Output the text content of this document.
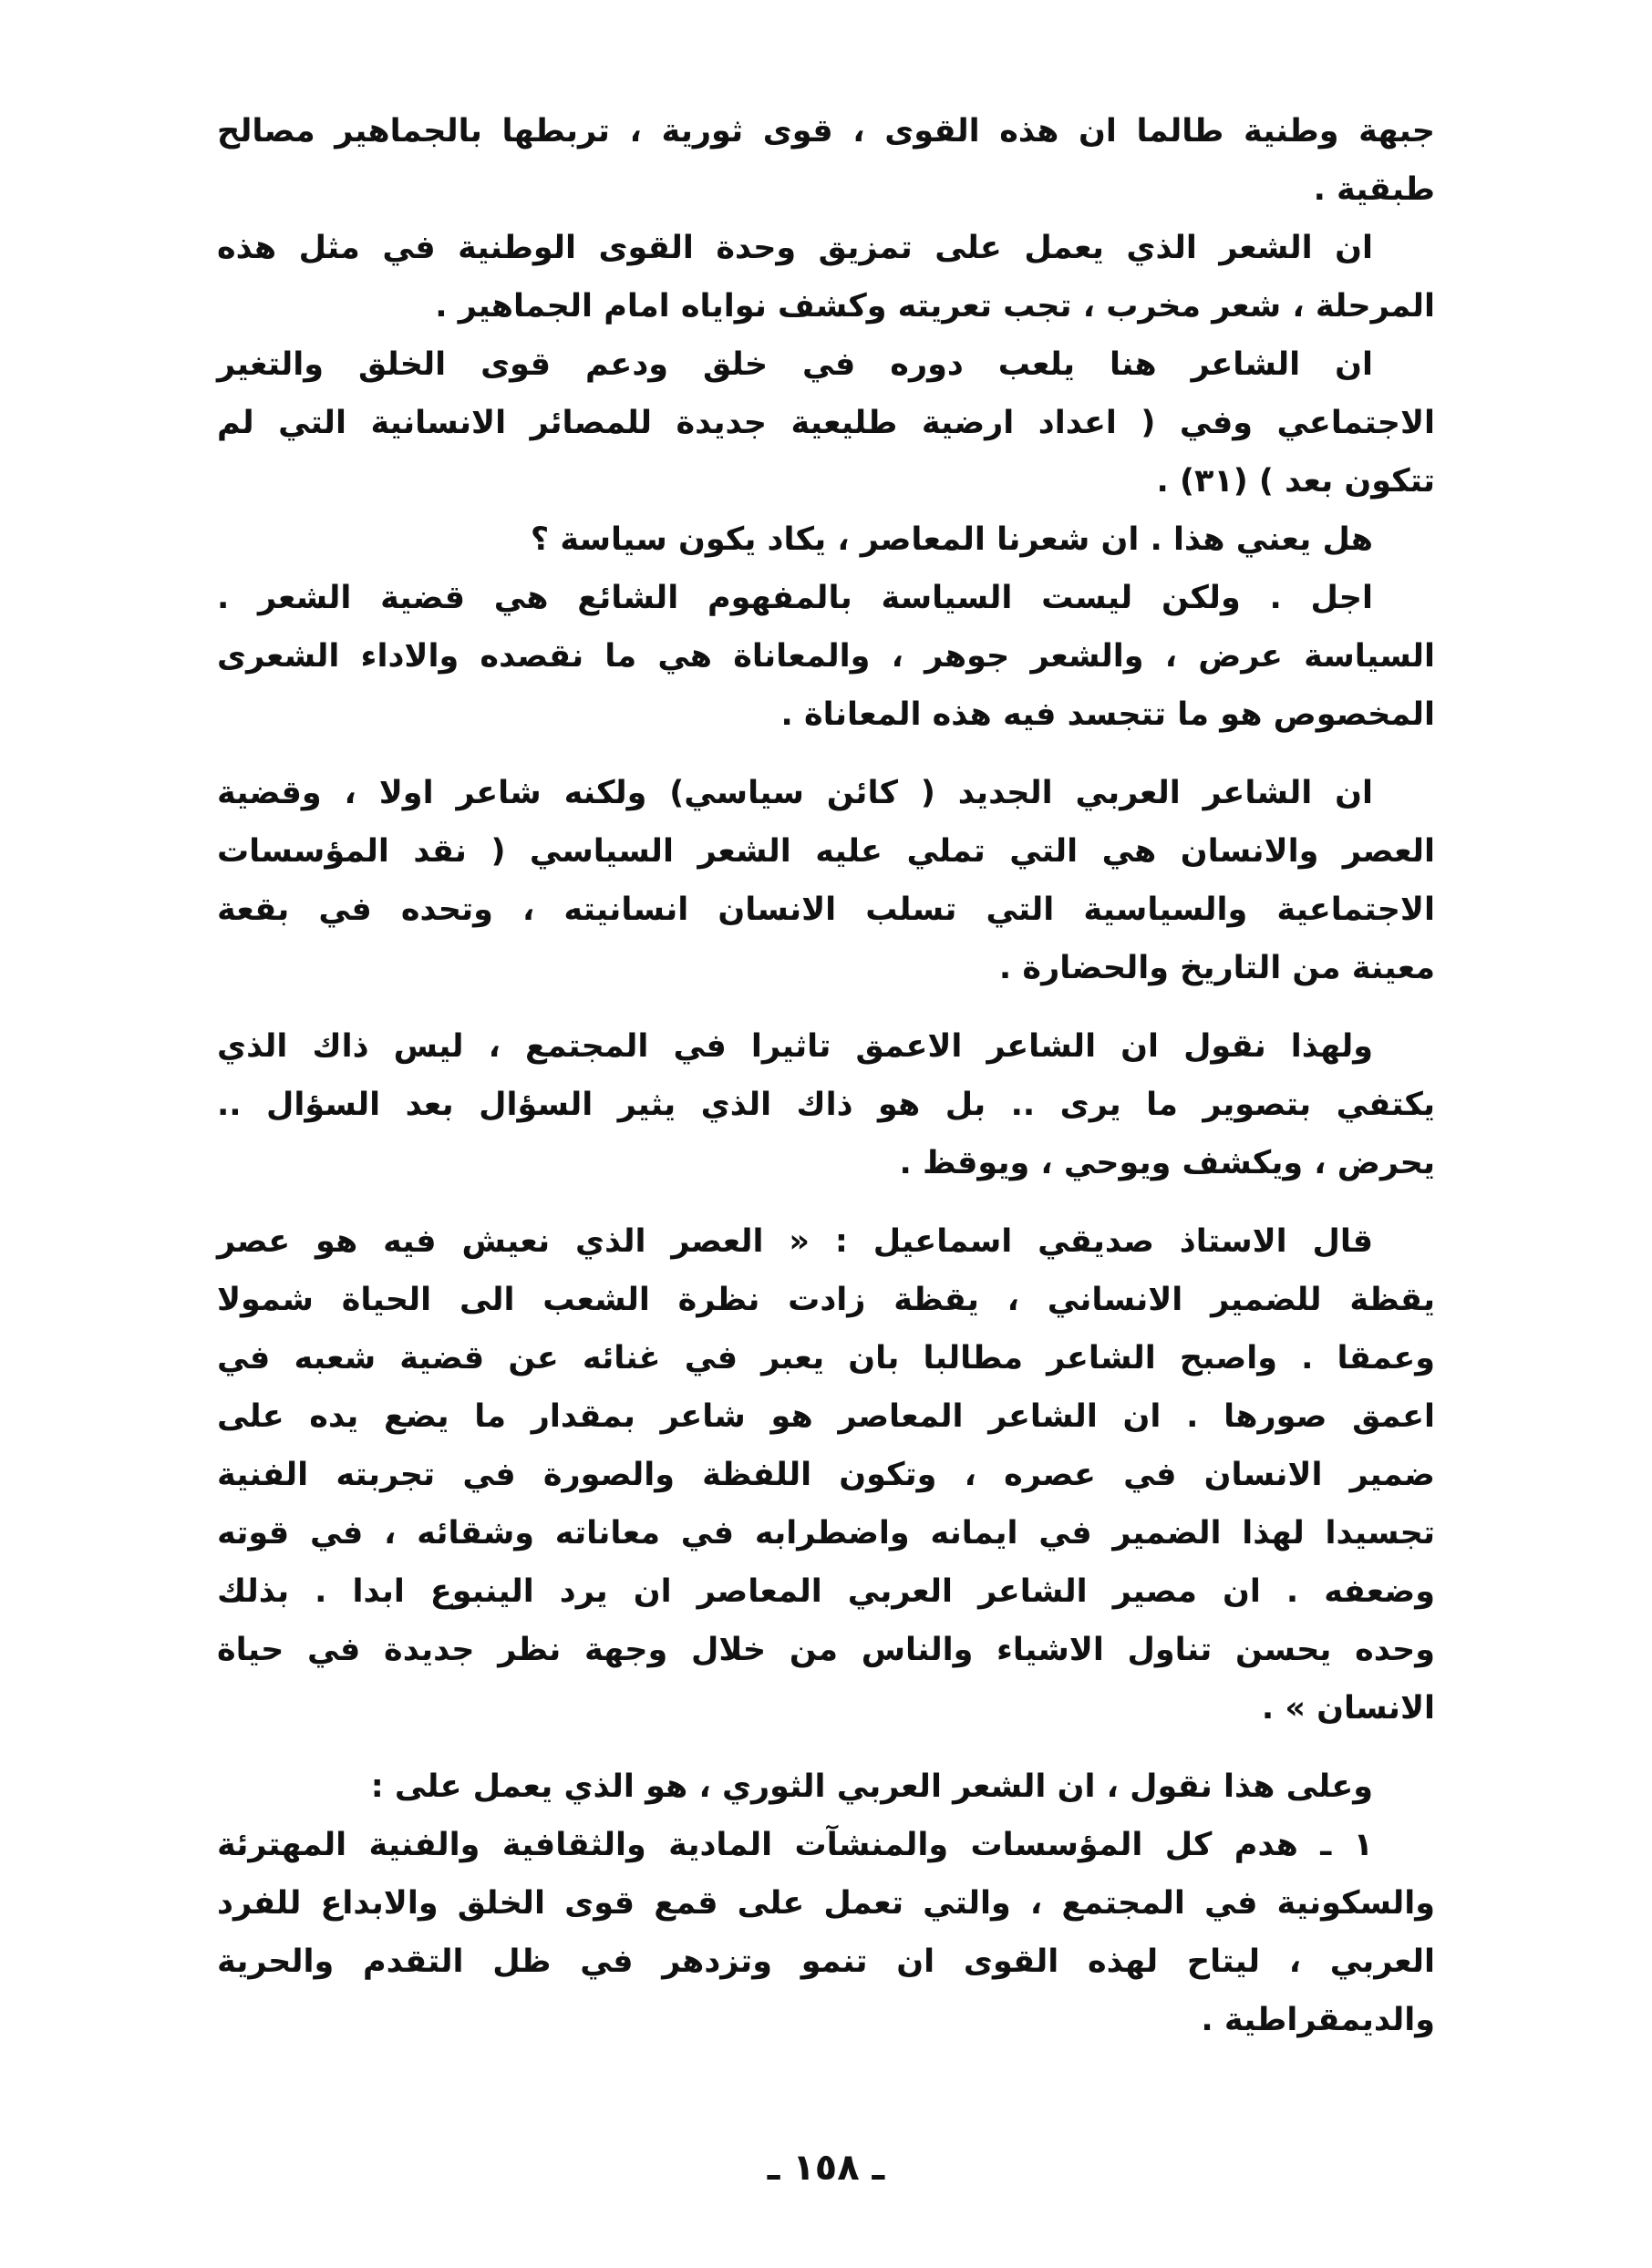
جبهة وطنية طالما ان هذه القوى ، قوى ثورية ، تربطها بالجماهير مصالح
طبقية .

ان الشعر الذي يعمل على تمزيق وحدة القوى الوطنية في مثل هذه
المرحلة ، شعر مخرب ، تجب تعريته وكشف نواياه امام الجماهير .

ان الشاعر هنا يلعب دوره في خلق ودعم قوى الخلق والتغير
الاجتماعي وفي ( اعداد ارضية طليعية جديدة للمصائر الانسانية التي لم
تتكون بعد ) (٣١) .

هل يعني هذا . ان شعرنا المعاصر ، يكاد يكون سياسة ؟

اجل . ولكن ليست السياسة بالمفهوم الشائع هي قضية الشعر .
السياسة عرض ، والشعر جوهر ، والمعاناة هي ما نقصده والاداء الشعرى
المخصوص هو ما تتجسد فيه هذه المعاناة .

ان الشاعر العربي الجديد ( كائن سياسي) ولكنه شاعر اولا ، وقضية
العصر والانسان هي التي تملي عليه الشعر السياسي ( نقد المؤسسات
الاجتماعية والسياسية التي تسلب الانسان انسانيته ، وتحده في بقعة
معينة من التاريخ والحضارة .

ولهذا نقول ان الشاعر الاعمق تاثيرا في المجتمع ، ليس ذاك الذي
يكتفي بتصوير ما يرى .. بل هو ذاك الذي يثير السؤال بعد السؤال ..
يحرض ، ويكشف ويوحي ، ويوقظ .

قال الاستاذ صديقي اسماعيل : « العصر الذي نعيش فيه هو عصر
يقظة للضمير الانساني ، يقظة زادت نظرة الشعب الى الحياة شمولا
وعمقا . واصبح الشاعر مطالبا بان يعبر في غنائه عن قضية شعبه في
اعمق صورها . ان الشاعر المعاصر هو شاعر بمقدار ما يضع يده على
ضمير الانسان في عصره ، وتكون اللفظة والصورة في تجربته الفنية
تجسيدا لهذا الضمير في ايمانه واضطرابه في معاناته وشقائه ، في قوته
وضعفه . ان مصير الشاعر العربي المعاصر ان يرد الينبوع ابدا . بذلك
وحده يحسن تناول الاشياء والناس من خلال وجهة نظر جديدة في حياة
الانسان » .

وعلى هذا نقول ، ان الشعر العربي الثوري ، هو الذي يعمل على :

١ ـ هدم كل المؤسسات والمنشآت المادية والثقافية والفنية المهترئة
والسكونية في المجتمع ، والتي تعمل على قمع قوى الخلق والابداع للفرد
العربي ، ليتاح لهذه القوى ان تنمو وتزدهر في ظل التقدم والحرية
والديمقراطية .

ـ ١٥٨ ـ
